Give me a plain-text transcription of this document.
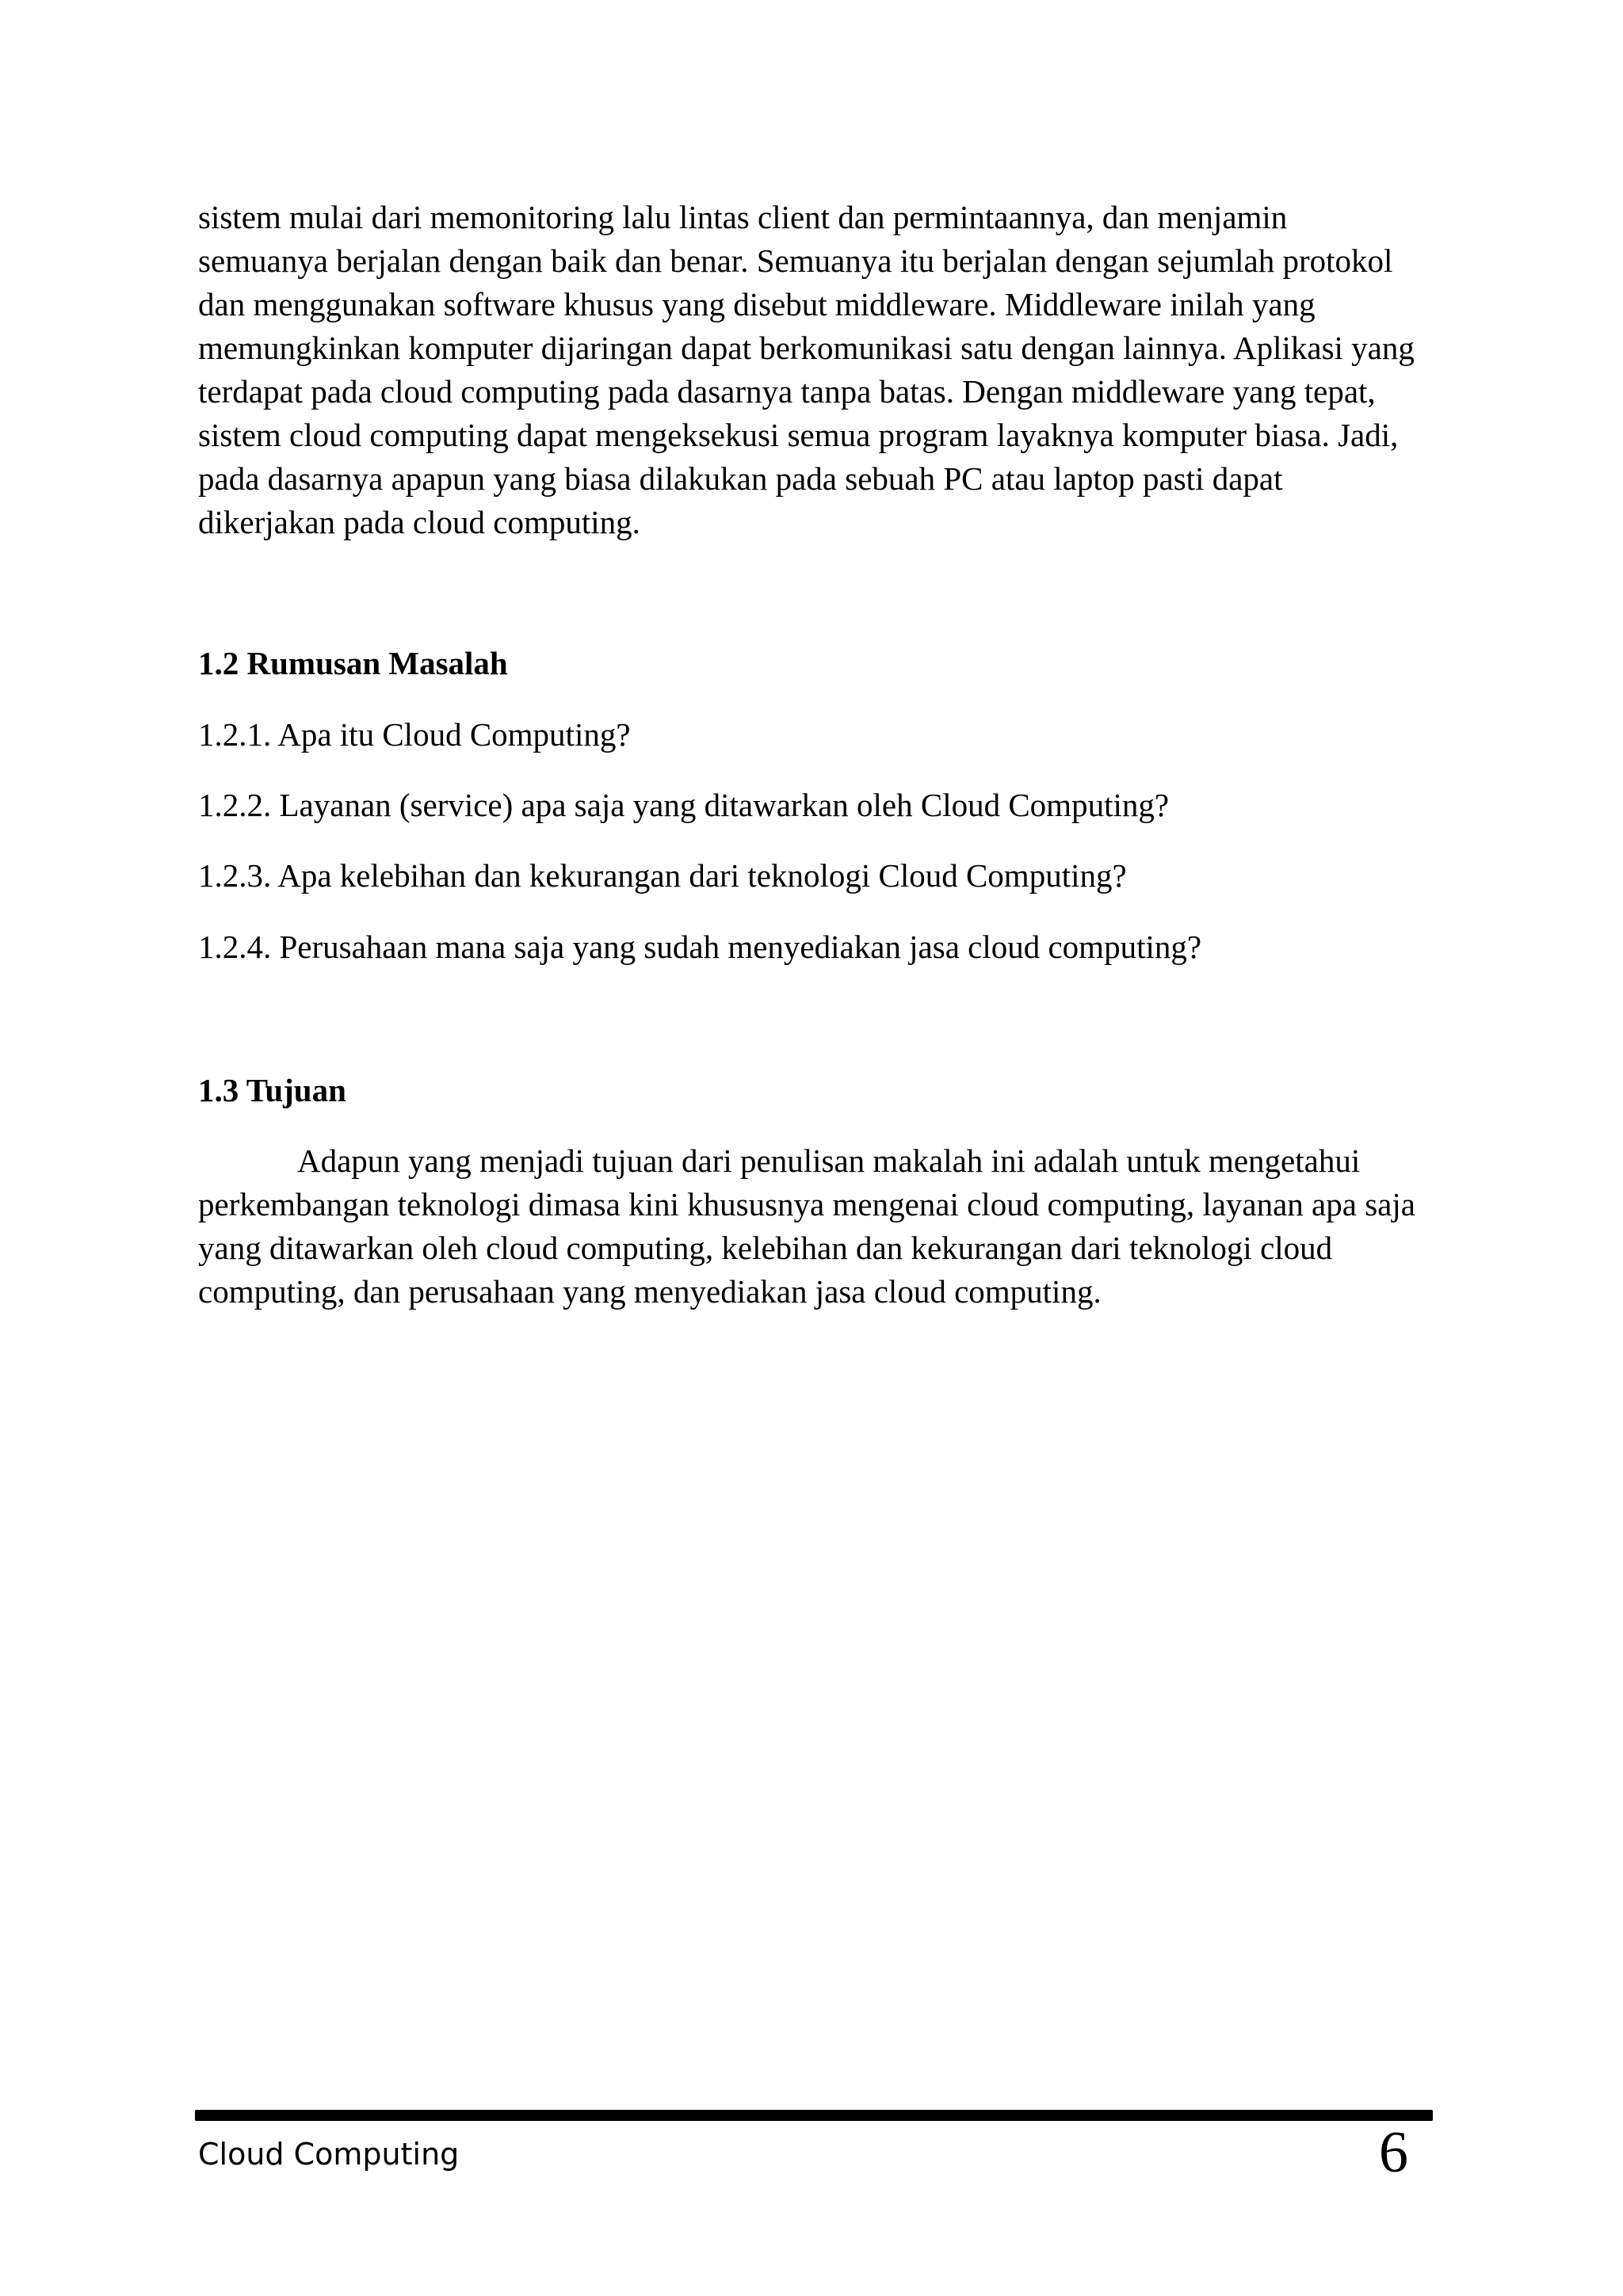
sistem mulai dari memonitoring lalu lintas client dan permintaannya, dan menjamin
semuanya berjalan dengan baik dan benar. Semuanya itu berjalan dengan sejumlah protokol
dan menggunakan software khusus yang disebut middleware. Middleware inilah yang
memungkinkan komputer dijaringan dapat berkomunikasi satu dengan lainnya. Aplikasi yang
terdapat pada cloud computing pada dasarnya tanpa batas. Dengan middleware yang tepat,
sistem cloud computing dapat mengeksekusi semua program layaknya komputer biasa. Jadi,
pada dasarnya apapun yang biasa dilakukan pada sebuah PC atau laptop pasti dapat
dikerjakan pada cloud computing.
1.2 Rumusan Masalah
1.2.1. Apa itu Cloud Computing?
1.2.2. Layanan (service) apa saja yang ditawarkan oleh Cloud Computing?
1.2.3. Apa kelebihan dan kekurangan dari teknologi Cloud Computing?
1.2.4. Perusahaan mana saja yang sudah menyediakan jasa cloud computing?
1.3 Tujuan
Adapun yang menjadi tujuan dari penulisan makalah ini adalah untuk mengetahui
perkembangan teknologi dimasa kini khususnya mengenai cloud computing, layanan apa saja
yang ditawarkan oleh cloud computing, kelebihan dan kekurangan dari teknologi cloud
computing, dan perusahaan yang menyediakan jasa cloud computing.
Cloud Computing	6
